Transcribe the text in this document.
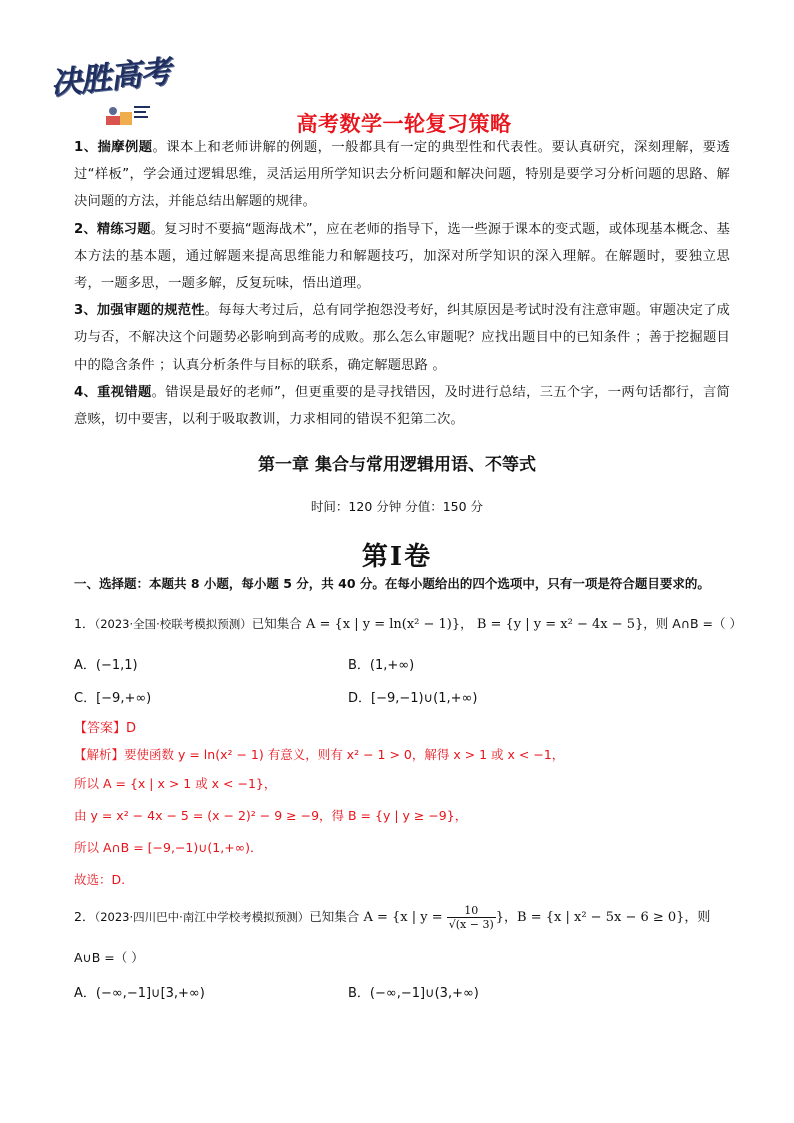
决胜高考
高考数学一轮复习策略

1、揣摩例题。课本上和老师讲解的例题，一般都具有一定的典型性和代表性。要认真研究，深刻理解，要透过“样板”，学会通过逻辑思维，灵活运用所学知识去分析问题和解决问题，特别是要学习分析问题的思路、解决问题的方法，并能总结出解题的规律。

2、精练习题。复习时不要搞“题海战术”，应在老师的指导下，选一些源于课本的变式题，或体现基本概念、基本方法的基本题，通过解题来提高思维能力和解题技巧，加深对所学知识的深入理解。在解题时，要独立思考，一题多思，一题多解，反复玩味，悟出道理。

3、加强审题的规范性。每每大考过后，总有同学抱怨没考好，纠其原因是考试时没有注意审题。审题决定了成功与否，不解决这个问题势必影响到高考的成败。那么怎么审题呢？应找出题目中的已知条件 ；善于挖掘题目中的隐含条件 ；认真分析条件与目标的联系，确定解题思路 。

4、重视错题。错误是最好的老师”，但更重要的是寻找错因，及时进行总结，三五个字，一两句话都行，言简意赅，切中要害，以利于吸取教训，力求相同的错误不犯第二次。

第一章 集合与常用逻辑用语、不等式
时间：120 分钟 分值：150 分
第Ⅰ卷
一、选择题：本题共 8 小题，每小题 5 分，共 40 分。在每小题给出的四个选项中，只有一项是符合题目要求的。
1．（2023·全国·校联考模拟预测）已知集合 A = {x | y = ln(x² − 1)}， B = {y | y = x² − 4x − 5}，则 A∩B =（ ）
A．(−1,1)	B．(1,+∞)
C．[−9,+∞)	D．[−9,−1)∪(1,+∞)
【答案】D
【解析】要使函数 y = ln(x² − 1) 有意义，则有 x² − 1 > 0，解得 x > 1 或 x < −1，
所以 A = {x | x > 1 或 x < −1}，
由 y = x² − 4x − 5 = (x − 2)² − 9 ≥ −9，得 B = {y | y ≥ −9}，
所以 A∩B = [−9,−1)∪(1,+∞)．
故选：D.
2．（2023·四川巴中·南江中学校考模拟预测）已知集合 A = {x | $y = \frac{10}{√(x - 3)}$ }，B = {x | x² − 5x − 6 ≥ 0}，则
A∪B =（ ）
A．(−∞,−1]∪[3,+∞)	B．(−∞,−1]∪(3,+∞)
